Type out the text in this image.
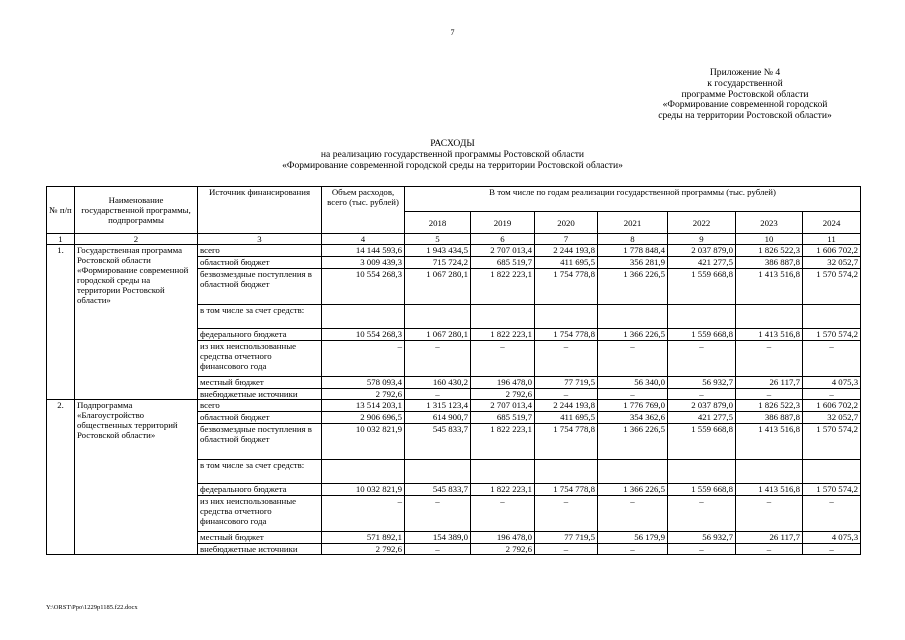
7
Приложение № 4
к государственной
программе Ростовской области
«Формирование современной городской
среды на территории Ростовской области»
РАСХОДЫ
на реализацию государственной программы Ростовской области
«Формирование современной городской среды на территории Ростовской области»
№ п/п	Наименование государственной программы, подпрограммы	Источник финансирования	Объем расходов, всего (тыс. рублей)	В том числе по годам реализации государственной программы (тыс. рублей)						
				2018	2019	2020	2021	2022	2023	2024
1	2	3	4	5	6	7	8	9	10	11
1.	Государственная программа Ростовской области «Формирование современной городской среды на территории Ростовской области»	всего	14 144 593,6	1 943 434,5	2 707 013,4	2 244 193,8	1 778 848,4	2 037 879,0	1 826 522,3	1 606 702,2
		областной бюджет	3 009 439,3	715 724,2	685 519,7	411 695,5	356 281,9	421 277,5	386 887,8	32 052,7
		безвозмездные поступления в областной бюджет	10 554 268,3	1 067 280,1	1 822 223,1	1 754 778,8	1 366 226,5	1 559 668,8	1 413 516,8	1 570 574,2
		в том числе за счет средств:								
		федерального бюджета	10 554 268,3	1 067 280,1	1 822 223,1	1 754 778,8	1 366 226,5	1 559 668,8	1 413 516,8	1 570 574,2
		из них неиспользованные средства отчетного финансового года	–	–	–	–	–	–	–	–
		местный бюджет	578 093,4	160 430,2	196 478,0	77 719,5	56 340,0	56 932,7	26 117,7	4 075,3
		внебюджетные источники	2 792,6	–	2 792,6	–	–	–	–	–
2.	Подпрограмма «Благоустройство общественных территорий Ростовской области»	всего	13 514 203,1	1 315 123,4	2 707 013,4	2 244 193,8	1 776 769,0	2 037 879,0	1 826 522,3	1 606 702,2
		областной бюджет	2 906 696,5	614 900,7	685 519,7	411 695,5	354 362,6	421 277,5	386 887,8	32 052,7
		безвозмездные поступления в областной бюджет	10 032 821,9	545 833,7	1 822 223,1	1 754 778,8	1 366 226,5	1 559 668,8	1 413 516,8	1 570 574,2
		в том числе за счет средств:								
		федерального бюджета	10 032 821,9	545 833,7	1 822 223,1	1 754 778,8	1 366 226,5	1 559 668,8	1 413 516,8	1 570 574,2
		из них неиспользованные средства отчетного финансового года	–	–	–	–	–	–	–	–
		местный бюджет	571 892,1	154 389,0	196 478,0	77 719,5	56 179,9	56 932,7	26 117,7	4 075,3
		внебюджетные источники	2 792,6	–	2 792,6	–	–	–	–	–
Y:\ORST\Ppo\1229p1185.f22.docx
